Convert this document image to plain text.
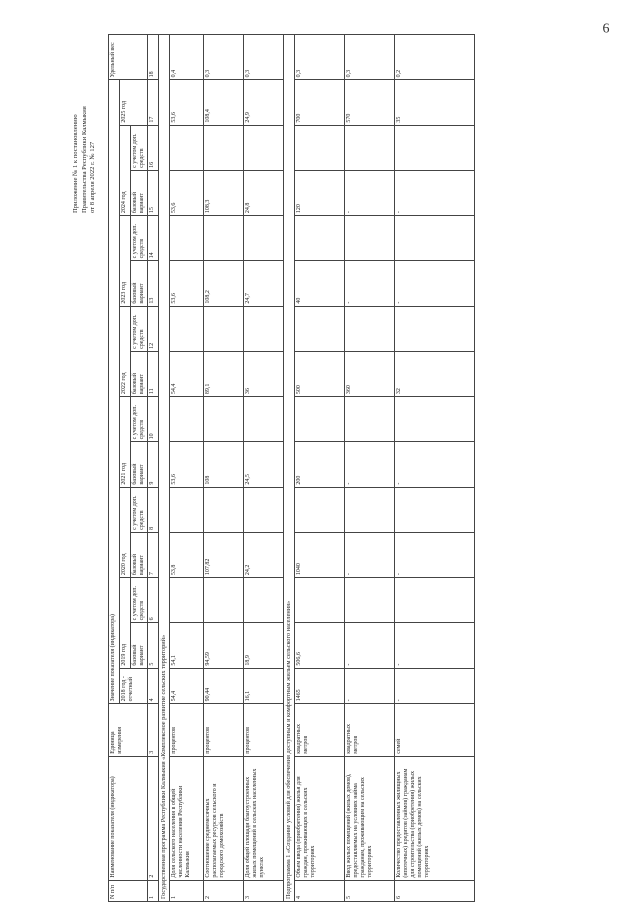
Приложение № 1 к постановлению Правительства Республики Калмыкия от 8 апреля 2022 г. № 127
6
N п/п	Наименование показателя (индикатора)	Единица измерения	Значение показателя (индикатора)														Удельный вес
			2018 год - отчетный	2019 год		2020 год		2021 год		2022 год		2023 год		2024 год		2025 год	
				базовый вариант	с учетом доп. средств	базовый вариант	с учетом доп. средств	базовый вариант	с учетом доп. средств	базовый вариант	с учетом доп. средств	базовый вариант	с учетом доп. средств	базовый вариант	с учетом доп. средств		
1	2	3	4	5	6	7	8	9	10	11	12	13	14	15	16	17	18
Государственная программа Республики Калмыкия «Комплексное развитие сельских территорий»																	
1	Доля сельского населения в общей численности населения Республики Калмыкия	процентов	54,4	54,1		53,8		53,6		54,4		53,6		53,6		53,6	0,4
2	Соотношение среднемесячных располагаемых ресурсов сельского и городского домохозяйств	процентов	90,44	94,59		107,82		108		89,1		108,2		108,3		108,4	0,3
3	Доля общей площади благоустроенных жилых помещений в сельских населенных пунктах	процентов	16,1	18,9		24,2		24,5		36		24,7		24,8		24,9	0,3
Подпрограмма 1 «Создание условий для обеспечения доступным и комфортным жильем сельского населения»																	
4	Объем ввода (приобретения) жилья для граждан, проживающих в сельских территориях	квадратных метров	1465	506,6		1040		200		500		40		120		700	0,3
5	Ввод жилых помещений (жилых домов), предоставляемых на условиях найма гражданам, проживающим на сельских территориях	квадратных метров	-	-		-		-		360		-		-		570	0,3
6	Количество предоставленных жилищных (ипотечных) кредитов (займов) гражданам для строительства (приобретения) жилых помещений (жилых домов) на сельских территориях	семей	-	-		-		-		32		-		-		35	0,2
